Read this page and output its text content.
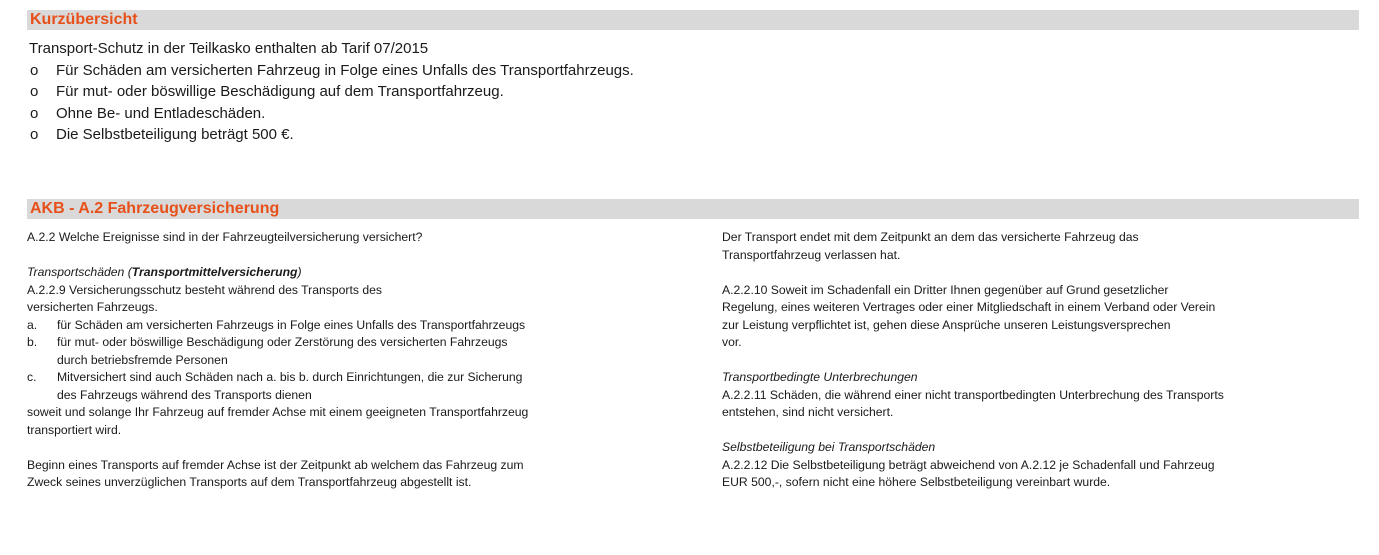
Kurzübersicht

Transport-Schutz in der Teilkasko enthalten ab Tarif 07/2015

o Für Schäden am versicherten Fahrzeug in Folge eines Unfalls des Transportfahrzeugs.
o Für mut- oder böswillige Beschädigung auf dem Transportfahrzeug.
o Ohne Be- und Entladeschäden.
o Die Selbstbeteiligung beträgt 500 €.
AKB - A.2 Fahrzeugversicherung

A.2.2 Welche Ereignisse sind in der Fahrzeugteilversicherung versichert?

Transportschäden (Transportmittelversicherung)

A.2.2.9 Versicherungsschutz besteht während des Transports des

versicherten Fahrzeugs.

a. für Schäden am versicherten Fahrzeugs in Folge eines Unfalls des Transportfahrzeugs
b. für mut- oder böswillige Beschädigung oder Zerstörung des versicherten Fahrzeugs
durch betriebsfremde Personen
c. Mitversichert sind auch Schäden nach a. bis b. durch Einrichtungen, die zur Sicherung
des Fahrzeugs während des Transports dienen

soweit und solange Ihr Fahrzeug auf fremder Achse mit einem geeigneten Transportfahrzeug

transportiert wird.

Beginn eines Transports auf fremder Achse ist der Zeitpunkt ab welchem das Fahrzeug zum

Zweck seines unverzüglichen Transports auf dem Transportfahrzeug abgestellt ist.

Der Transport endet mit dem Zeitpunkt an dem das versicherte Fahrzeug das

Transportfahrzeug verlassen hat.

A.2.2.10 Soweit im Schadenfall ein Dritter Ihnen gegenüber auf Grund gesetzlicher

Regelung, eines weiteren Vertrages oder einer Mitgliedschaft in einem Verband oder Verein

zur Leistung verpflichtet ist, gehen diese Ansprüche unseren Leistungsversprechen

vor.

Transportbedingte Unterbrechungen

A.2.2.11 Schäden, die während einer nicht transportbedingten Unterbrechung des Transports

entstehen, sind nicht versichert.

Selbstbeteiligung bei Transportschäden

A.2.2.12 Die Selbstbeteiligung beträgt abweichend von A.2.12 je Schadenfall und Fahrzeug

EUR 500,-, sofern nicht eine höhere Selbstbeteiligung vereinbart wurde.
